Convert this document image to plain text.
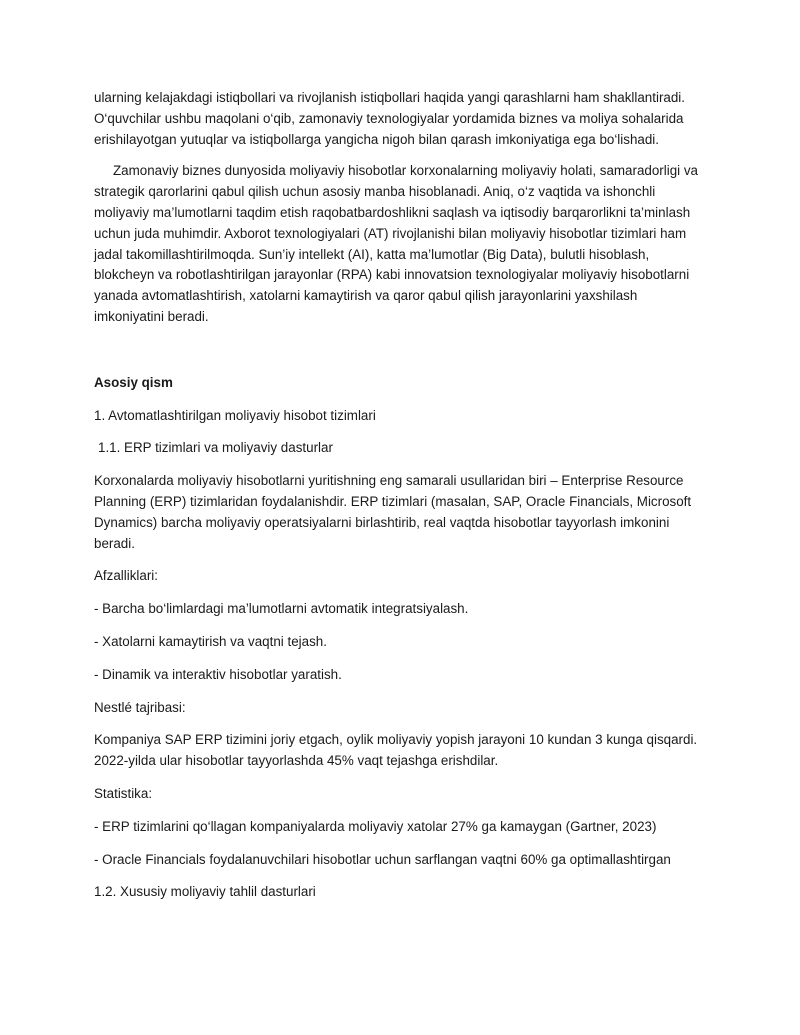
ularning kelajakdagi istiqbollari va rivojlanish istiqbollari haqida yangi qarashlarni ham shakllantiradi. O‘quvchilar ushbu maqolani o‘qib, zamonaviy texnologiyalar yordamida biznes va moliya sohalarida erishilayotgan yutuqlar va istiqbollarga yangicha nigoh bilan qarash imkoniyatiga ega bo‘lishadi.

Zamonaviy biznes dunyosida moliyaviy hisobotlar korxonalarning moliyaviy holati, samaradorligi va strategik qarorlarini qabul qilish uchun asosiy manba hisoblanadi. Aniq, o‘z vaqtida va ishonchli moliyaviy ma’lumotlarni taqdim etish raqobatbardoshlikni saqlash va iqtisodiy barqarorlikni ta’minlash uchun juda muhimdir. Axborot texnologiyalari (AT) rivojlanishi bilan moliyaviy hisobotlar tizimlari ham jadal takomillashtirilmoqda. Sun’iy intellekt (AI), katta ma’lumotlar (Big Data), bulutli hisoblash, blokcheyn va robotlashtirilgan jarayonlar (RPA) kabi innovatsion texnologiyalar moliyaviy hisobotlarni yanada avtomatlashtirish, xatolarni kamaytirish va qaror qabul qilish jarayonlarini yaxshilash imkoniyatini beradi.

Asosiy qism

1. Avtomatlashtirilgan moliyaviy hisobot tizimlari

1.1. ERP tizimlari va moliyaviy dasturlar

Korxonalarda moliyaviy hisobotlarni yuritishning eng samarali usullaridan biri – Enterprise Resource Planning (ERP) tizimlaridan foydalanishdir. ERP tizimlari (masalan, SAP, Oracle Financials, Microsoft Dynamics) barcha moliyaviy operatsiyalarni birlashtirib, real vaqtda hisobotlar tayyorlash imkonini beradi.

Afzalliklari:

- Barcha bo‘limlardagi ma’lumotlarni avtomatik integratsiyalash.

- Xatolarni kamaytirish va vaqtni tejash.

- Dinamik va interaktiv hisobotlar yaratish.

Nestlé tajribasi:

Kompaniya SAP ERP tizimini joriy etgach, oylik moliyaviy yopish jarayoni 10 kundan 3 kunga qisqardi. 2022-yilda ular hisobotlar tayyorlashda 45% vaqt tejashga erishdilar.

Statistika:

- ERP tizimlarini qo‘llagan kompaniyalarda moliyaviy xatolar 27% ga kamaygan (Gartner, 2023)

- Oracle Financials foydalanuvchilari hisobotlar uchun sarflangan vaqtni 60% ga optimallashtirgan

1.2. Xususiy moliyaviy tahlil dasturlari
